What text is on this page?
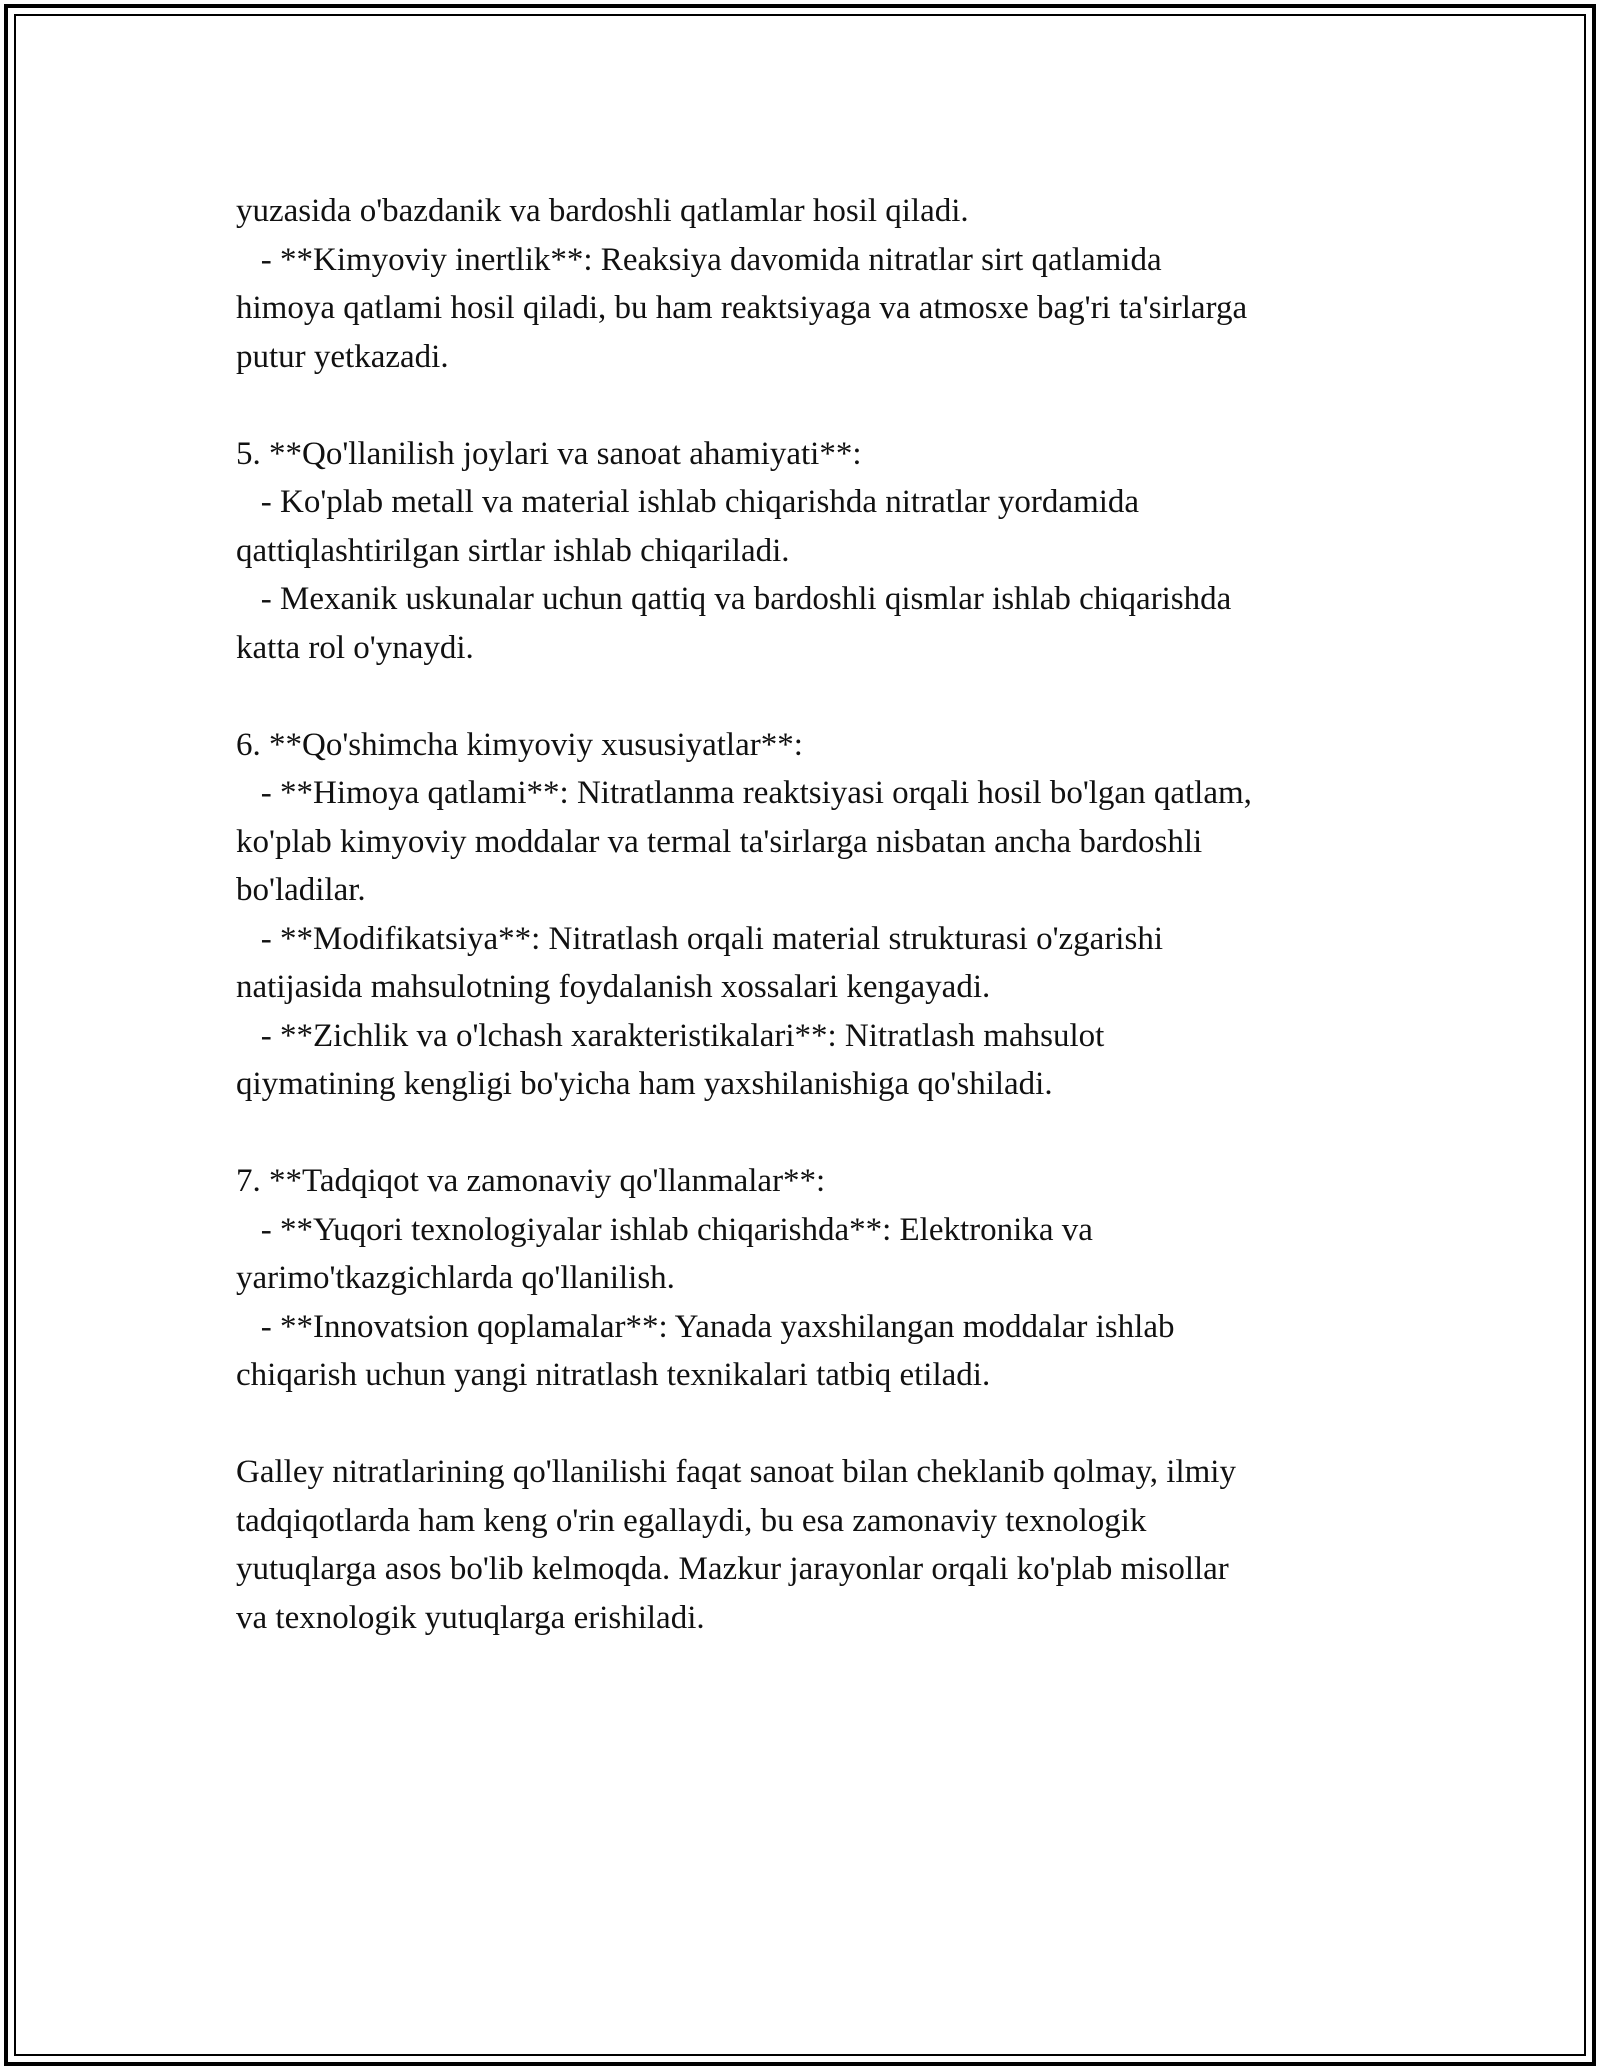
yuzasida o'bazdanik va bardoshli qatlamlar hosil qiladi.
- **Kimyoviy inertlik**: Reaksiya davomida nitratlar sirt qatlamida
himoya qatlami hosil qiladi, bu ham reaktsiyaga va atmosxe bag'ri ta'sirlarga
putur yetkazadi.
5. **Qo'llanilish joylari va sanoat ahamiyati**:
- Ko'plab metall va material ishlab chiqarishda nitratlar yordamida
qattiqlashtirilgan sirtlar ishlab chiqariladi.
- Mexanik uskunalar uchun qattiq va bardoshli qismlar ishlab chiqarishda
katta rol o'ynaydi.
6. **Qo'shimcha kimyoviy xususiyatlar**:
- **Himoya qatlami**: Nitratlanma reaktsiyasi orqali hosil bo'lgan qatlam,
ko'plab kimyoviy moddalar va termal ta'sirlarga nisbatan ancha bardoshli
bo'ladilar.
- **Modifikatsiya**: Nitratlash orqali material strukturasi o'zgarishi
natijasida mahsulotning foydalanish xossalari kengayadi.
- **Zichlik va o'lchash xarakteristikalari**: Nitratlash mahsulot
qiymatining kengligi bo'yicha ham yaxshilanishiga qo'shiladi.
7. **Tadqiqot va zamonaviy qo'llanmalar**:
- **Yuqori texnologiyalar ishlab chiqarishda**: Elektronika va
yarimo'tkazgichlarda qo'llanilish.
- **Innovatsion qoplamalar**: Yanada yaxshilangan moddalar ishlab
chiqarish uchun yangi nitratlash texnikalari tatbiq etiladi.
Galley nitratlarining qo'llanilishi faqat sanoat bilan cheklanib qolmay, ilmiy
tadqiqotlarda ham keng o'rin egallaydi, bu esa zamonaviy texnologik
yutuqlarga asos bo'lib kelmoqda. Mazkur jarayonlar orqali ko'plab misollar
va texnologik yutuqlarga erishiladi.
